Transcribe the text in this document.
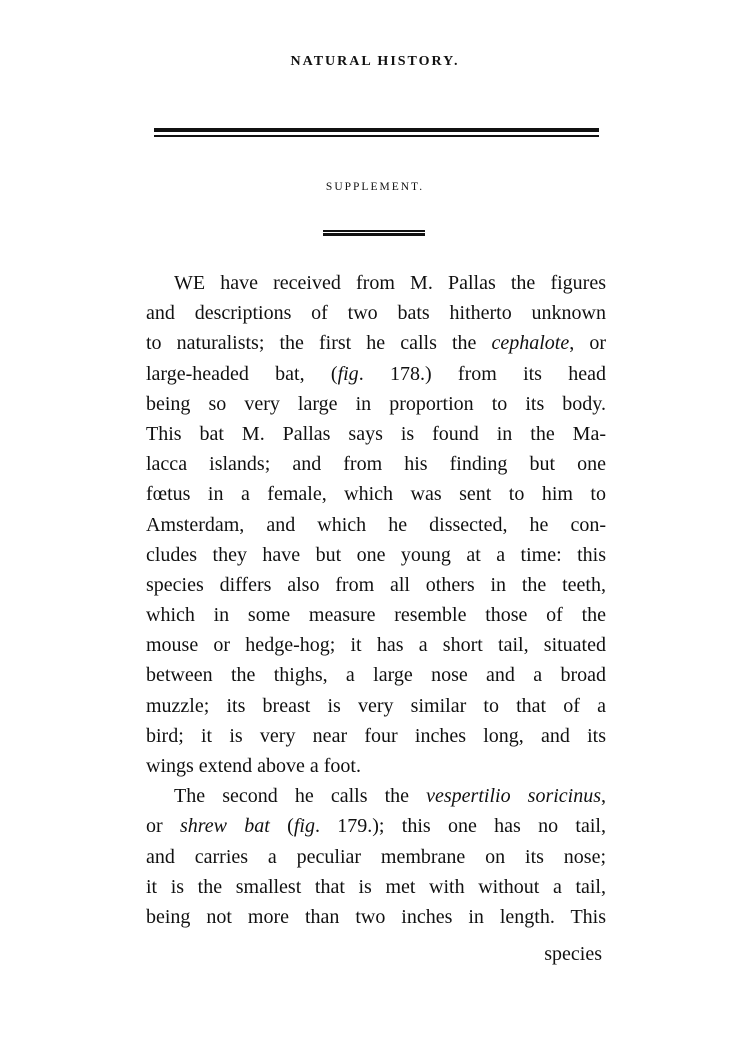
NATURAL HISTORY.
SUPPLEMENT.
WE have received from M. Pallas the figures
and descriptions of two bats hitherto unknown
to naturalists; the first he calls the cephalote, or
large-headed bat, (fig. 178.) from its head
being so very large in proportion to its body.
This bat M. Pallas says is found in the Ma-
lacca islands; and from his finding but one
fœtus in a female, which was sent to him to
Amsterdam, and which he dissected, he con-
cludes they have but one young at a time: this
species differs also from all others in the teeth,
which in some measure resemble those of the
mouse or hedge-hog; it has a short tail, situated
between the thighs, a large nose and a broad
muzzle; its breast is very similar to that of a
bird; it is very near four inches long, and its
wings extend above a foot.
The second he calls the vespertilio soricinus,
or shrew bat (fig. 179.); this one has no tail,
and carries a peculiar membrane on its nose;
it is the smallest that is met with without a tail,
being not more than two inches in length. This
species
